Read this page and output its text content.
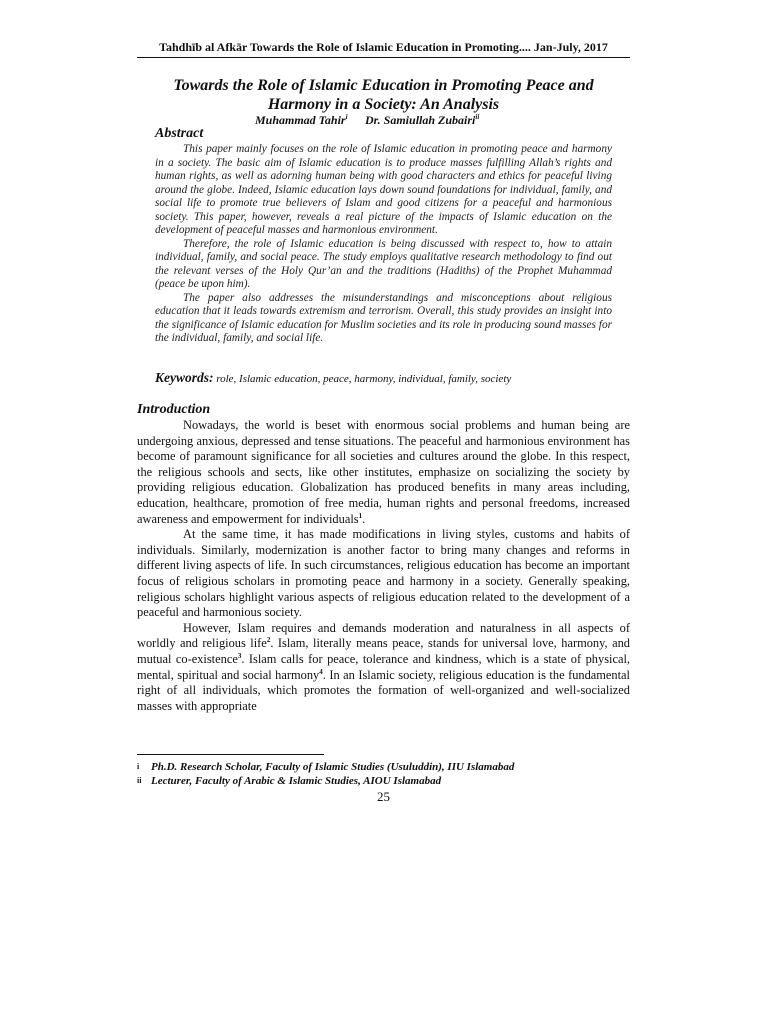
Tahdhīb al Afkār Towards the Role of Islamic Education in Promoting.... Jan-July, 2017
Towards the Role of Islamic Education in Promoting Peace and
Harmony in a Society: An Analysis
Muhammad Tahir$^i$ Dr. Samiullah Zubairi$^{ii}$
Abstract

This paper mainly focuses on the role of Islamic education in promoting peace and harmony in a society. The basic aim of Islamic education is to produce masses fulfilling Allah’s rights and human rights, as well as adorning human being with good characters and ethics for peaceful living around the globe. Indeed, Islamic education lays down sound foundations for individual, family, and social life to promote true believers of Islam and good citizens for a peaceful and harmonious society. This paper, however, reveals a real picture of the impacts of Islamic education on the development of peaceful masses and harmonious environment.

Therefore, the role of Islamic education is being discussed with respect to, how to attain individual, family, and social peace. The study employs qualitative research methodology to find out the relevant verses of the Holy Qur’an and the traditions (Hadiths) of the Prophet Muhammad (peace be upon him).

The paper also addresses the misunderstandings and misconceptions about religious education that it leads towards extremism and terrorism. Overall, this study provides an insight into the significance of Islamic education for Muslim societies and its role in producing sound masses for the individual, family, and social life.

Keywords: role, Islamic education, peace, harmony, individual, family, society
Introduction

Nowadays, the world is beset with enormous social problems and human being are undergoing anxious, depressed and tense situations. The peaceful and harmonious environment has become of paramount significance for all societies and cultures around the globe. In this respect, the religious schools and sects, like other institutes, emphasize on socializing the society by providing religious education. Globalization has produced benefits in many areas including, education, healthcare, promotion of free media, human rights and personal freedoms, increased awareness and empowerment for individuals$^1$.

At the same time, it has made modifications in living styles, customs and habits of individuals. Similarly, modernization is another factor to bring many changes and reforms in different living aspects of life. In such circumstances, religious education has become an important focus of religious scholars in promoting peace and harmony in a society. Generally speaking, religious scholars highlight various aspects of religious education related to the development of a peaceful and harmonious society.

However, Islam requires and demands moderation and naturalness in all aspects of worldly and religious life$^2$. Islam, literally means peace, stands for universal love, harmony, and mutual co-existence$^3$. Islam calls for peace, tolerance and kindness, which is a state of physical, mental, spiritual and social harmony$^4$. In an Islamic society, religious education is the fundamental right of all individuals, which promotes the formation of well-organized and well-socialized masses with appropriate

i	Ph.D. Research Scholar, Faculty of Islamic Studies (Usuluddin), IIU Islamabad
ii Lecturer, Faculty of Arabic & Islamic Studies, AIOU Islamabad
25
